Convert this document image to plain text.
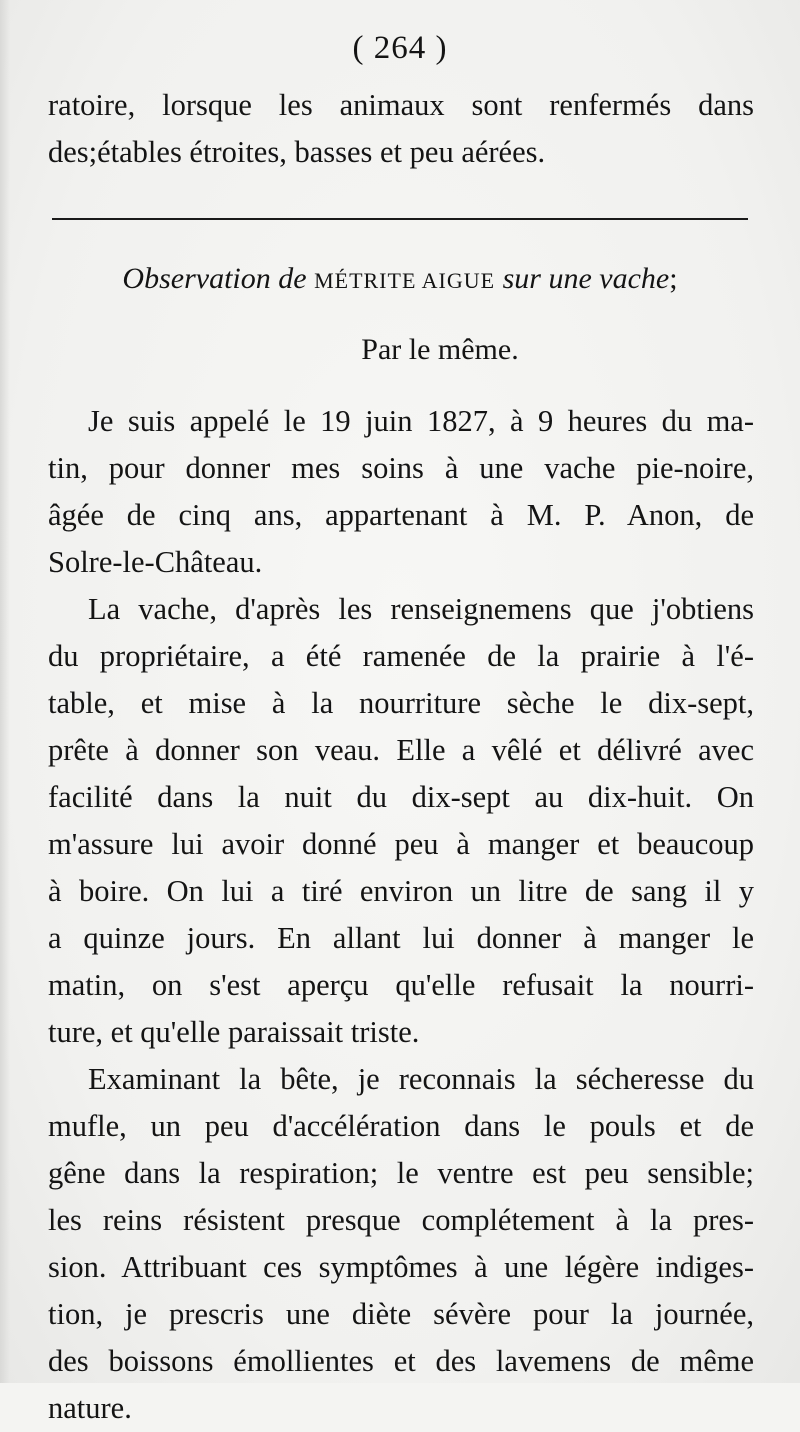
( 264 )
ratoire, lorsque les animaux sont renfermés dans
des;étables étroites, basses et peu aérées.
Observation de MÉTRITE AIGUE sur une vache;
Par le même.
Je suis appelé le 19 juin 1827, à 9 heures du ma-
tin, pour donner mes soins à une vache pie-noire,
âgée de cinq ans, appartenant à M. P. Anon, de
Solre-le-Château.
La vache, d'après les renseignemens que j'obtiens
du propriétaire, a été ramenée de la prairie à l'é-
table, et mise à la nourriture sèche le dix-sept,
prête à donner son veau. Elle a vêlé et délivré avec
facilité dans la nuit du dix-sept au dix-huit. On
m'assure lui avoir donné peu à manger et beaucoup
à boire. On lui a tiré environ un litre de sang il y
a quinze jours. En allant lui donner à manger le
matin, on s'est aperçu qu'elle refusait la nourri-
ture, et qu'elle paraissait triste.
Examinant la bête, je reconnais la sécheresse du
mufle, un peu d'accélération dans le pouls et de
gêne dans la respiration; le ventre est peu sensible;
les reins résistent presque complétement à la pres-
sion. Attribuant ces symptômes à une légère indiges-
tion, je prescris une diète sévère pour la journée,
des boissons émollientes et des lavemens de même
nature.
